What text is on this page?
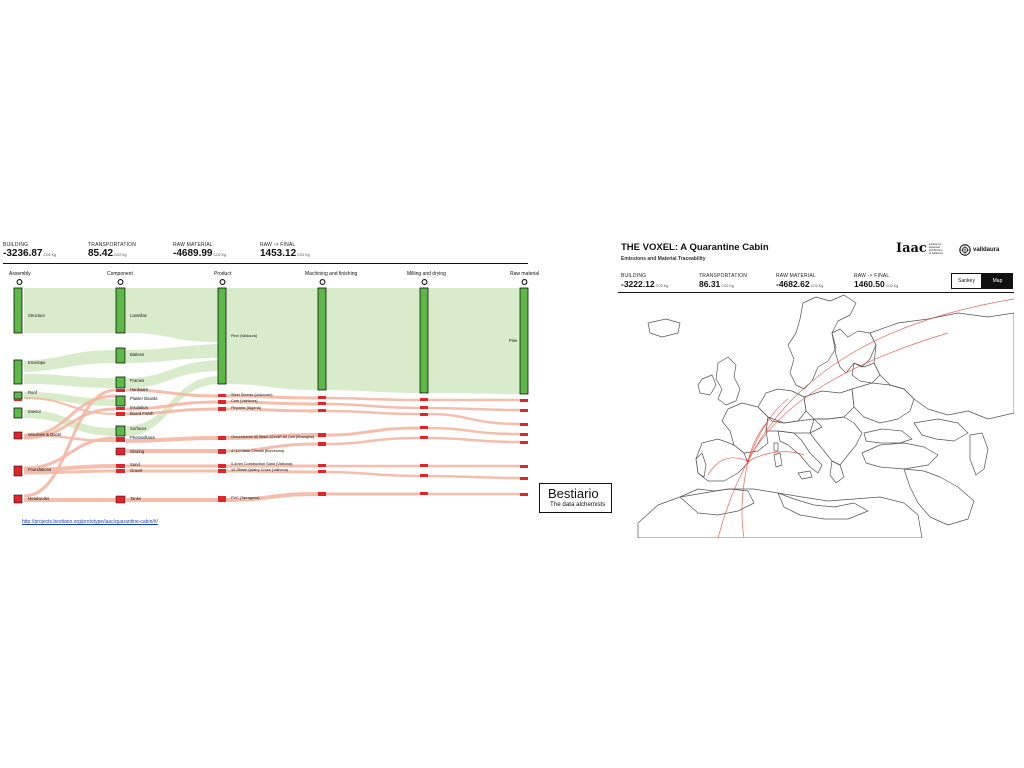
BUILDING
-3236.87CO2 Kg
TRANSPORTATION
85.42CO2 Kg
RAW MATERIAL
-4689.99CO2 Kg
RAW -> FINAL
1453.12CO2 Kg
Assembly	Component	Product	Machining and finishing	Milling and drying	Raw material
Structure
Envelope
Roof
Interior
Windows & Doors
Foundations
Metalworks
Lamellas
Battens
Frames
Hardware
Plaster Boards
Insulation
Board Finish
Surfaces
Photovoltaics
Glazing
Sand
Gravel
Tanks
Pine (Valdaura)
Steel Screws (Unknown)
Cork (Valdaura)
Pinpanix (Algeria)
Groundstone All Black 32V/4P 60 Cell (Shanghai)
4+12+4mm Climalit (Barcelona)
0-4mm Construction Sand (Valbona)
12-35mm Quarry Crush (Valbona)
PVC (Tarragona)
Pine
Bestiario
The data alchemists
http://projects.bestiario.org/prototype/iaac/quarantine-cabin/#/
THE VOXEL: A Quarantine Cabin
Emissions and Material Traceability
Iaac institute for
advanced
architecture
of Catalonia	valldaura
BUILDING
-3222.12CO2 Kg
TRANSPORTATION
86.31CO2 Kg
RAW MATERIAL
-4682.62CO2 Kg
RAW -> FINAL
1460.50CO2 Kg
Sankey	Map
